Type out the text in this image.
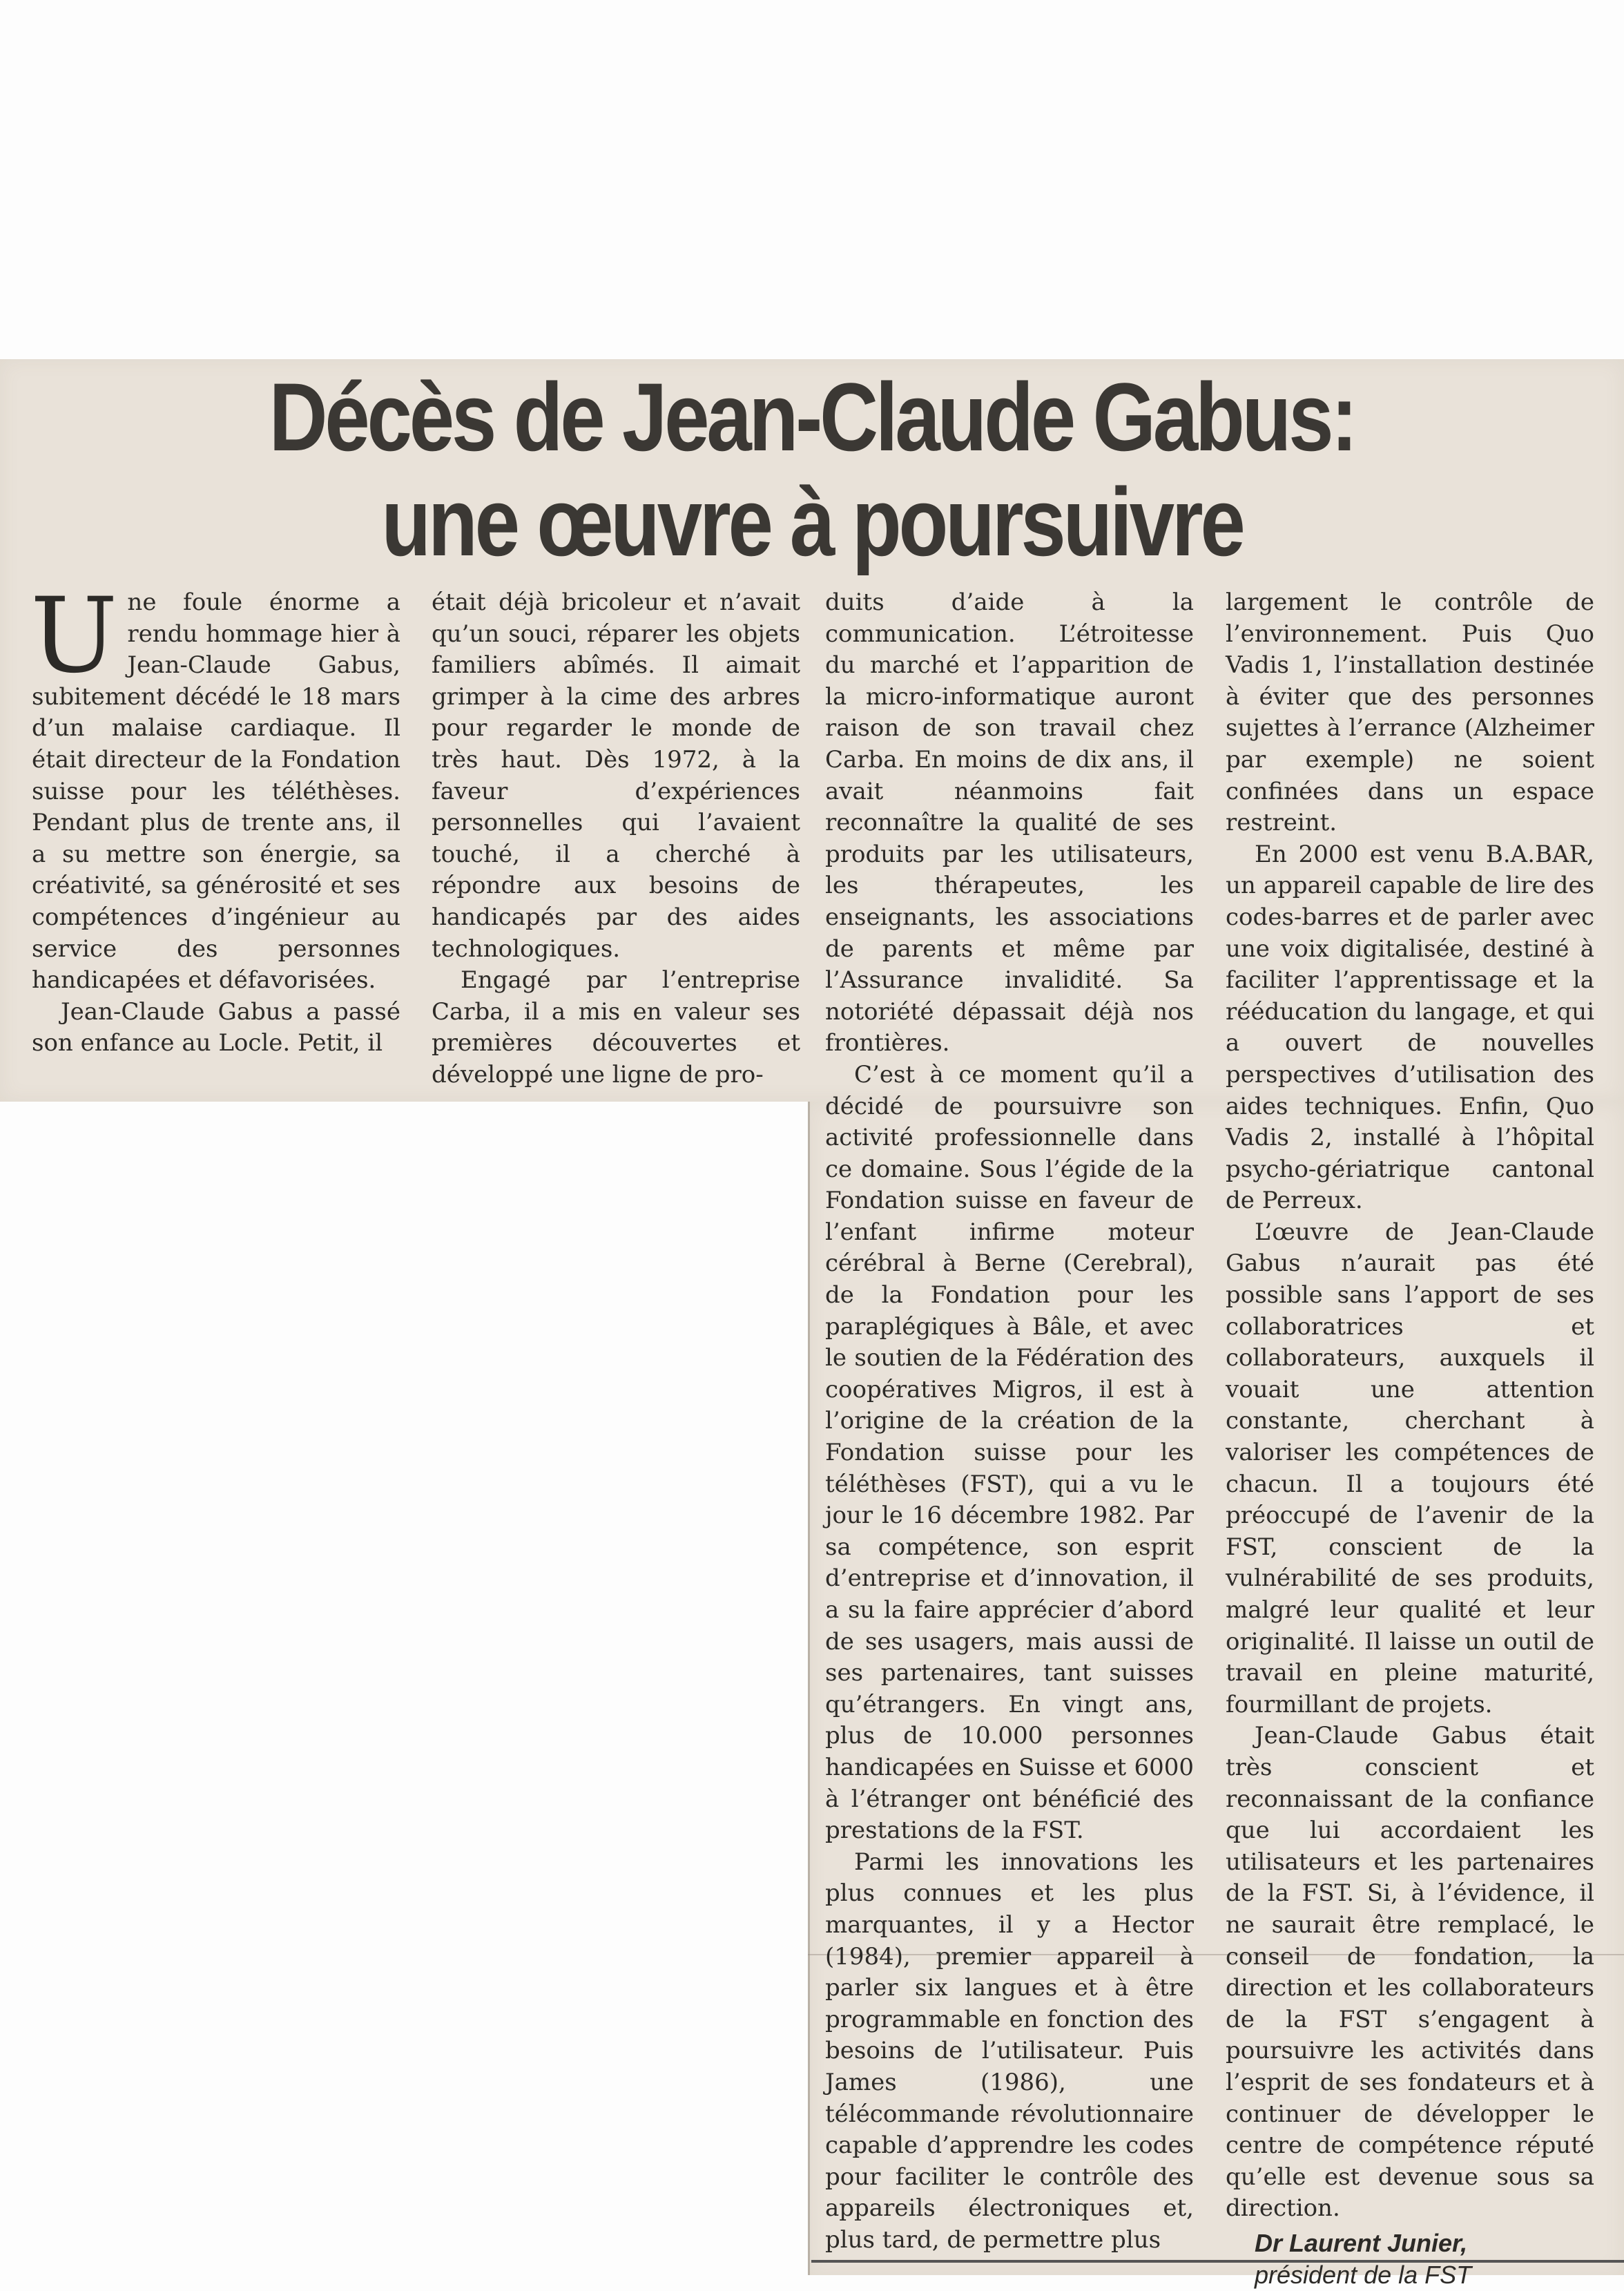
Décès de Jean-Claude Gabus:
une œuvre à poursuivre

Une foule énorme a rendu hommage hier à Jean-Claude Gabus, subitement décédé le 18 mars d’un malaise cardiaque. Il était directeur de la Fondation suisse pour les téléthèses. Pendant plus de trente ans, il a su mettre son énergie, sa créativité, sa générosité et ses compétences d’ingénieur au service des personnes handicapées et défavorisées.

Jean-Claude Gabus a passé son enfance au Locle. Petit, il

était déjà bricoleur et n’avait qu’un souci, réparer les objets familiers abîmés. Il aimait grimper à la cime des arbres pour regarder le monde de très haut. Dès 1972, à la faveur d’expériences personnelles qui l’avaient touché, il a cherché à répondre aux besoins de handicapés par des aides technologiques.

Engagé par l’entreprise Carba, il a mis en valeur ses premières découvertes et développé une ligne de pro-

duits d’aide à la communication. L’étroitesse du marché et l’apparition de la micro-informatique auront raison de son travail chez Carba. En moins de dix ans, il avait néanmoins fait reconnaître la qualité de ses produits par les utilisateurs, les thérapeutes, les enseignants, les associations de parents et même par l’Assurance invalidité. Sa notoriété dépassait déjà nos frontières.

C’est à ce moment qu’il a décidé de poursuivre son activité professionnelle dans ce domaine. Sous l’égide de la Fondation suisse en faveur de l’enfant infirme moteur cérébral à Berne (Cerebral), de la Fondation pour les paraplégiques à Bâle, et avec le soutien de la Fédération des coopératives Migros, il est à l’origine de la création de la Fondation suisse pour les téléthèses (FST), qui a vu le jour le 16 décembre 1982. Par sa compétence, son esprit d’entreprise et d’innovation, il a su la faire apprécier d’abord de ses usagers, mais aussi de ses partenaires, tant suisses qu’étrangers. En vingt ans, plus de 10.000 personnes handicapées en Suisse et 6000 à l’étranger ont bénéficié des prestations de la FST.

Parmi les innovations les plus connues et les plus marquantes, il y a Hector (1984), premier appareil à parler six langues et à être programmable en fonction des besoins de l’utilisateur. Puis James (1986), une télécommande révolutionnaire capable d’apprendre les codes pour faciliter le contrôle des appareils électroniques et, plus tard, de permettre plus

largement le contrôle de l’environnement. Puis Quo Vadis 1, l’installation destinée à éviter que des personnes sujettes à l’errance (Alzheimer par exemple) ne soient confinées dans un espace restreint.

En 2000 est venu B.A.BAR, un appareil capable de lire des codes-barres et de parler avec une voix digitalisée, destiné à faciliter l’apprentissage et la rééducation du langage, et qui a ouvert de nouvelles perspectives d’utilisation des aides techniques. Enfin, Quo Vadis 2, installé à l’hôpital psycho-gériatrique cantonal de Perreux.

L’œuvre de Jean-Claude Gabus n’aurait pas été possible sans l’apport de ses collaboratrices et collaborateurs, auxquels il vouait une attention constante, cherchant à valoriser les compétences de chacun. Il a toujours été préoccupé de l’avenir de la FST, conscient de la vulnérabilité de ses produits, malgré leur qualité et leur originalité. Il laisse un outil de travail en pleine maturité, fourmillant de projets.

Jean-Claude Gabus était très conscient et reconnaissant de la confiance que lui accordaient les utilisateurs et les partenaires de la FST. Si, à l’évidence, il ne saurait être remplacé, le conseil de fondation, la direction et les collaborateurs de la FST s’engagent à poursuivre les activités dans l’esprit de ses fondateurs et à continuer de développer le centre de compétence réputé qu’elle est devenue sous sa direction.

Dr Laurent Junier,
président de la FST
